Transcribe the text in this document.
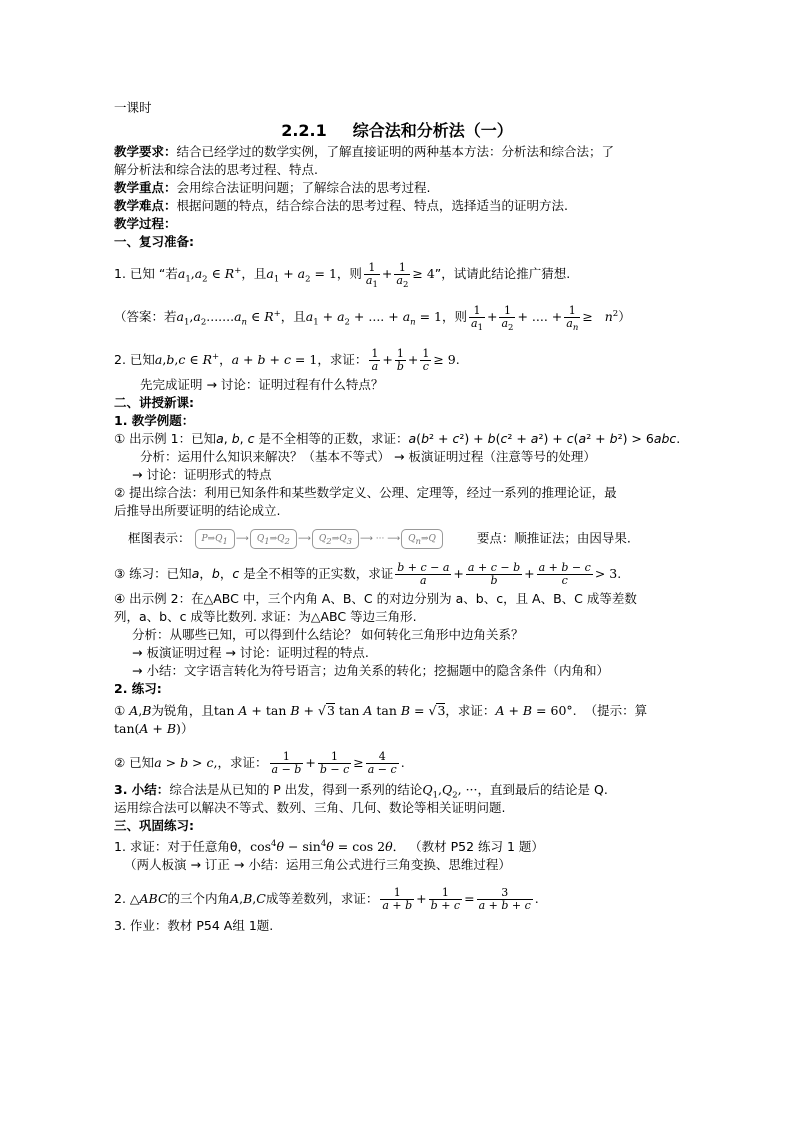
一课时
2.2.1 综合法和分析法（一）
教学要求：结合已经学过的数学实例，了解直接证明的两种基本方法：分析法和综合法；了
解分析法和综合法的思考过程、特点.
教学重点：会用综合法证明问题；了解综合法的思考过程.
教学难点：根据问题的特点，结合综合法的思考过程、特点，选择适当的证明方法.
教学过程：
一、复习准备:
1. 已知 “若$a_1,a_2$ ∈ R+，且$a_1 + a_2 = 1$，则 $\frac{1}{a_1} + \frac{1}{a_2} \ge 4$”，试请此结论推广猜想.
（答案：若$a_1,a_2.......a_n$ ∈ R+，且$a_1 + a_2$ + .... + $a_n = 1$，则 $\frac{1}{a_1} + \frac{1}{a_2}$ + .... + $\frac{1}{a_n} \ge n^2$）
2. 已知a,b,c ∈ R+，a + b + c = 1，求证： $\frac{1}{a} + \frac{1}{b} + \frac{1}{c} \ge 9$.
先完成证明 → 讨论：证明过程有什么特点？
二、讲授新课:
1. 教学例题：
① 出示例 1：已知a, b, c 是不全相等的正数，求证：a(b² + c²) + b(c² + a²) + c(a² + b²) > 6abc.
分析：运用什么知识来解决？（基本不等式） → 板演证明过程（注意等号的处理）
→ 讨论：证明形式的特点
② 提出综合法：利用已知条件和某些数学定义、公理、定理等，经过一系列的推理论证，最
后推导出所要证明的结论成立.
框图表示： $P\Rightarrow Q_1$ ⟶ $Q_1\Rightarrow Q_2$ ⟶ $Q_2\Rightarrow Q_3$ ⟶ ··· ⟶ $Q_n\Rightarrow Q$	要点：顺推证法；由因导果.
③ 练习：已知a，b，c 是全不相等的正实数，求证 $\frac{b + c - a}{a} + \frac{a + c - b}{b} + \frac{a + b - c}{c} > 3$.
④ 出示例 2：在△ABC 中，三个内角 A、B、C 的对边分别为 a、b、c，且 A、B、C 成等差数
列，a、b、c 成等比数列. 求证：为△ABC 等边三角形.
分析：从哪些已知，可以得到什么结论？ 如何转化三角形中边角关系？
→ 板演证明过程 → 讨论：证明过程的特点.
→ 小结：文字语言转化为符号语言；边角关系的转化；挖掘题中的隐含条件（内角和）
2. 练习:
① A,B为锐角，且tan A + tan B + √3 tan A tan B = √3，求证：A + B = 60°.  （提示：算
tan(A + B)）
② 已知a > b > c,，求证： $\frac{1}{a - b} + \frac{1}{b - c} \ge \frac{4}{a - c}$ .
3. 小结：综合法是从已知的 P 出发，得到一系列的结论$Q_1,Q_2$, ···，直到最后的结论是 Q.
运用综合法可以解决不等式、数列、三角、几何、数论等相关证明问题.
三、巩固练习:
1. 求证：对于任意角θ，$\cos^4\theta - \sin^4\theta = \cos 2\theta$． （教材 P52 练习 1 题）
（两人板演 → 订正 → 小结：运用三角公式进行三角变换、思维过程）
2. △ABC的三个内角A,B,C成等差数列，求证： $\frac{1}{a + b} + \frac{1}{b + c} = \frac{3}{a + b + c}$ .
3. 作业：教材 P54 A组 1题.
